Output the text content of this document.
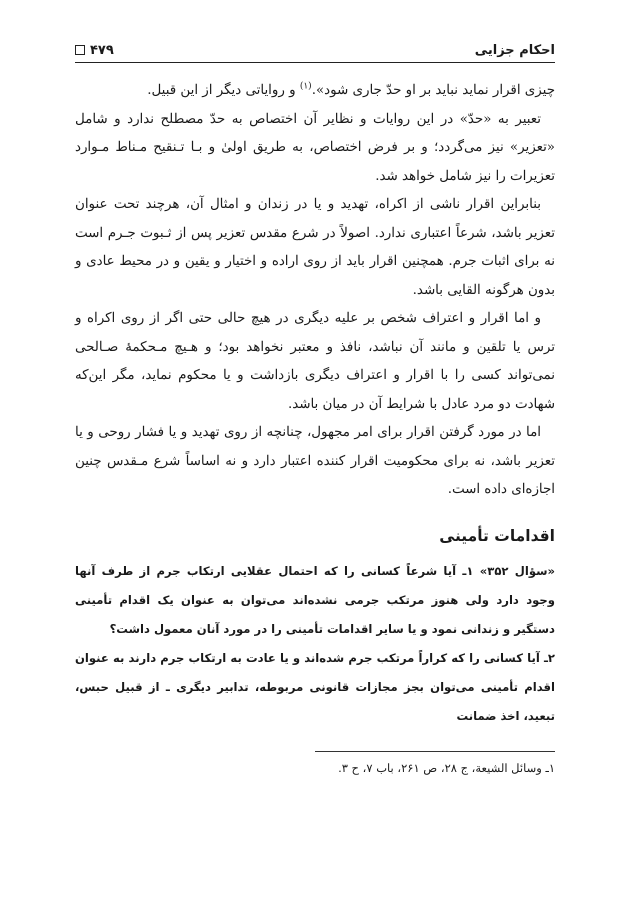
احکام جزایی
۴۷۹

چیزی اقرار نماید نباید بر او حدّ جاری شود».$^{(۱)}$ و روایاتی دیگر از این قبیل.

تعبیر به «حدّ» در این روایات و نظایر آن اختصاص به حدّ مصطلح ندارد و شامل «تعزیر» نیز می‌گردد؛ و بر فرض اختصاص، به طریق اولیٰ و بـا تـنقیح مـناط مـوارد تعزیرات را نیز شامل خواهد شد.

بنابراین اقرار ناشی از اکراه، تهدید و یا در زندان و امثال آن، هرچند تحت عنوان تعزیر باشد، شرعاً اعتباری ندارد. اصولاً در شرع مقدس تعزیر پس از ثـبوت جـرم است نه برای اثبات جرم. همچنین اقرار باید از روی اراده و اختیار و یقین و در محیط عادی و بدون هرگونه القایی باشد.

و اما اقرار و اعتراف شخص بر علیه دیگری در هیچ حالی حتی اگر از روی اکراه و ترس یا تلقین و مانند آن نباشد، نافذ و معتبر نخواهد بود؛ و هـیچ مـحکمهٔ صـالحی نمی‌تواند کسی را با اقرار و اعتراف دیگری بازداشت و یا محکوم نماید، مگر این‌که شهادت دو مرد عادل با شرایط آن در میان باشد.

اما در مورد گرفتن اقرار برای امر مجهول، چنانچه از روی تهدید و یا فشار روحی و یا تعزیر باشد، نه برای محکومیت اقرار کننده اعتبار دارد و نه اساساً شرع مـقدس چنین اجازه‌ای داده است.

اقدامات تأمینی

«سؤال ۳۵۲» ۱ـ آیا شرعاً کسانی را که احتمال عقلایی ارتکاب جرم از طرف آنها وجود دارد ولی هنوز مرتکب جرمی نشده‌اند می‌توان به عنوان یک اقدام تأمینی دستگیر و زندانی نمود و یا سایر اقدامات تأمینی را در مورد آنان معمول داشت؟

۲ـ آیا کسانی را که کراراً مرتکب جرم شده‌اند و یا عادت به ارتکاب جرم دارند به عنوان اقدام تأمینی می‌توان بجز مجازات قانونی مربوطه، تدابیر دیگری ـ از قبیل حبس، تبعید، اخذ ضمانت

۱ـ وسائل الشیعة، ج ۲۸، ص ۲۶۱، باب ۷، ح ۳.
